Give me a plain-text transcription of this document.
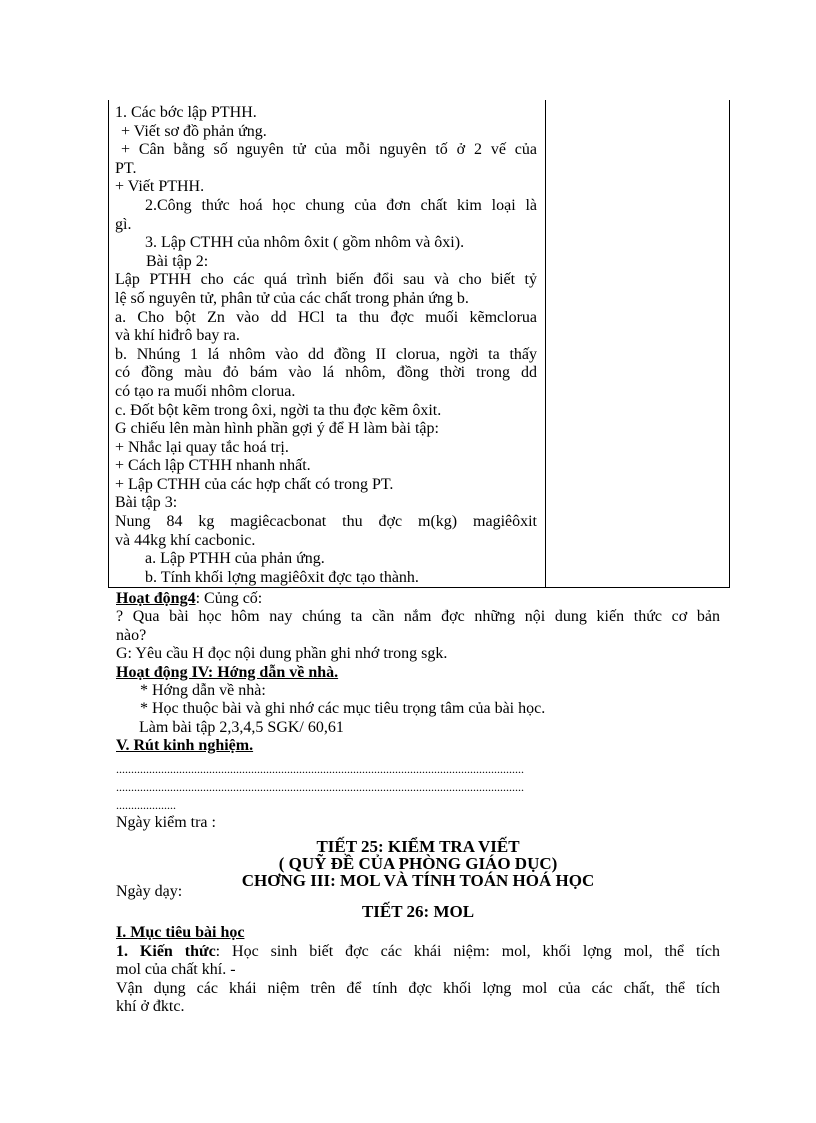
1. Các bớc lập PTHH.
+ Viết sơ đồ phản ứng.
+ Cân bằng số nguyên tử của mỗi nguyên tố ở 2 vế của
PT.
+ Viết PTHH.
2.Công thức hoá học chung của đơn chất kim loại là
gì.
3. Lập CTHH của nhôm ôxit ( gồm nhôm và ôxi).
Bài tập 2:
Lập PTHH cho các quá trình biến đổi sau và cho biết tỷ
lệ số nguyên tử, phân tử của các chất trong phản ứng b.
a. Cho bột Zn vào dd HCl ta thu đợc muối kẽmclorua
và khí hiđrô bay ra.
b. Nhúng 1 lá nhôm vào dd đồng II clorua, ngời ta thấy
có đồng màu đỏ bám vào lá nhôm, đồng thời trong dd
có tạo ra muối nhôm clorua.
c. Đốt bột kẽm trong ôxi, ngời ta thu đợc kẽm ôxit.
G chiếu lên màn hình phần gợi ý để H làm bài tập:
+ Nhắc lại quay tắc hoá trị.
+ Cách lập CTHH nhanh nhất.
+ Lập CTHH của các hợp chất có trong PT.
Bài tập 3:
Nung 84 kg magiêcacbonat thu đợc m(kg) magiêôxit
và 44kg khí cacbonic.
a. Lập PTHH của phản ứng.
b. Tính khối lợng magiêôxit đợc tạo thành.
Hoạt động4: Củng cố:
? Qua bài học hôm nay chúng ta cần nắm đợc những nội dung kiến thức cơ bản
nào?
G: Yêu cầu H đọc nội dung phần ghi nhớ trong sgk.
Hoạt động IV: Hớng dẫn về nhà.
* Hớng dẫn về nhà:
* Học thuộc bài và ghi nhớ các mục tiêu trọng tâm của bài học.
Làm bài tập 2,3,4,5 SGK/ 60,61
V. Rút kinh nghiệm.
........................................................................................................................................
........................................................................................................................................
....................
Ngày kiểm tra :
TIẾT 25: KIỂM TRA VIẾT
( QUỸ ĐỀ CỦA PHÒNG GIÁO DỤC)
CHƠNG III: MOL VÀ TÍNH TOÁN HOÁ HỌC
Ngày dạy:
TIẾT 26: MOL
I. Mục tiêu bài học
1. Kiến thức: Học sinh biết đợc các khái niệm: mol, khối lợng mol, thể tích
mol của chất khí. -
Vận dụng các khái niệm trên để tính đợc khối lợng mol của các chất, thể tích
khí ở đktc.
